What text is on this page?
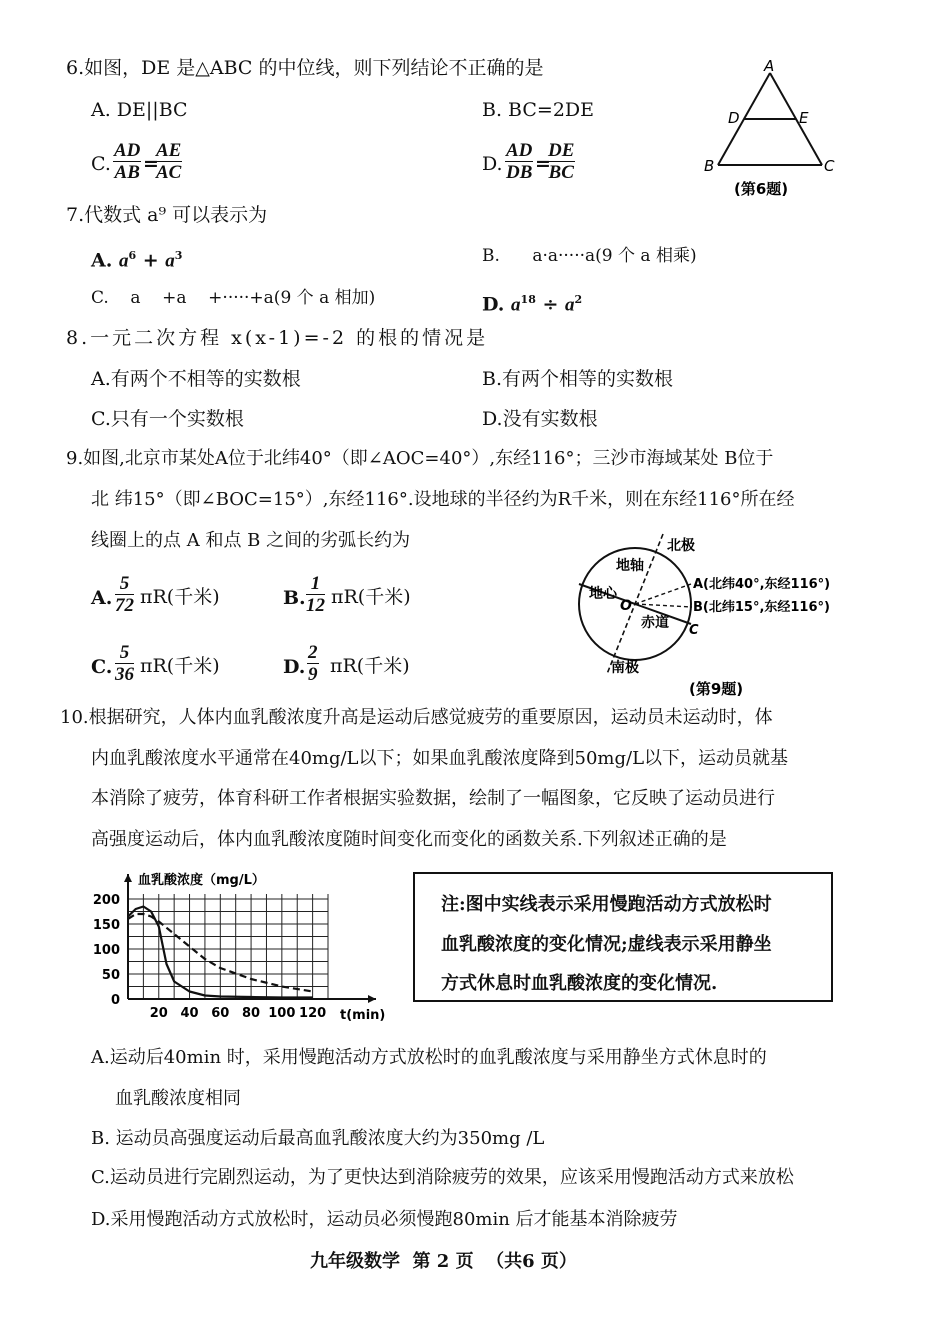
6.如图，DE 是△ABC 的中位线，则下列结论不正确的是
A. DE||BC	B. BC=2DE
C. $\frac{AD}{AB}$ =
$\frac{AE}{AC}$	D. $\frac{AD}{DB}$ =
$\frac{DE}{BC}$
A
D	E
B	C
(第6题)
7.代数式 a⁹ 可以表示为
A. $a^6 + a^3$	B.      a·a·····a(9 个 a 相乘)
C.    a    +a    +·····+a(9 个 a 相加)	D. $a^{18} \div a^2$
8.一元二次方程 x(x-1)=-2 的根的情况是
A.有两个不相等的实数根	B.有两个相等的实数根
C.只有一个实数根	D.没有实数根
9.如图,北京市某处A位于北纬40°（即∠AOC=40°）,东经116°；三沙市海域某处 B位于
北 纬15°（即∠BOC=15°）,东经116°.设地球的半径约为R千米，则在东经116°所在经
线圈上的点 A 和点 B 之间的劣弧长约为
A. $\frac{5}{72} \pi R$(千米)	B. $\frac{1}{12} \pi R$(千米)
C. $\frac{5}{36} \pi R$(千米)	D. $\frac{2}{9} \pi R$(千米)
北极
地轴
地心
O
赤道
南极
A(北纬40°,东经116°)
B(北纬15°,东经116°)
C
(第9题)
10.根据研究，人体内血乳酸浓度升高是运动后感觉疲劳的重要原因，运动员未运动时，体
内血乳酸浓度水平通常在40mg/L以下；如果血乳酸浓度降到50mg/L以下，运动员就基
本消除了疲劳，体育科研工作者根据实验数据，绘制了一幅图象，它反映了运动员进行
高强度运动后，体内血乳酸浓度随时间变化而变化的函数关系.下列叙述正确的是
20 40 60 80 100 120
0
50
100
150
200
血乳酸浓度（mg/L）
t(min)
注:图中实线表示采用慢跑活动方式放松时
血乳酸浓度的变化情况;虚线表示采用静坐
方式休息时血乳酸浓度的变化情况.
A.运动后40min 时，采用慢跑活动方式放松时的血乳酸浓度与采用静坐方式休息时的
血乳酸浓度相同
B. 运动员高强度运动后最高血乳酸浓度大约为350mg /L
C.运动员进行完剧烈运动，为了更快达到消除疲劳的效果，应该采用慢跑活动方式来放松
D.采用慢跑活动方式放松时，运动员必须慢跑80min 后才能基本消除疲劳
九年级数学  第 2 页  （共6 页）
